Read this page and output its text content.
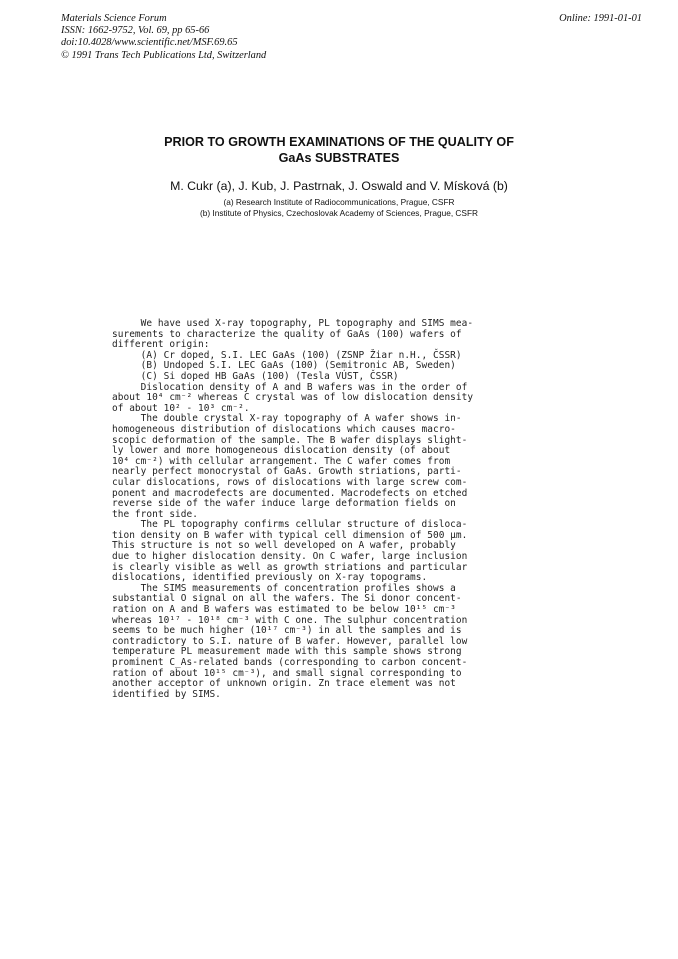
Materials Science Forum
ISSN: 1662-9752, Vol. 69, pp 65-66
doi:10.4028/www.scientific.net/MSF.69.65
© 1991 Trans Tech Publications Ltd, Switzerland
Online: 1991-01-01
PRIOR TO GROWTH EXAMINATIONS OF THE QUALITY OF
GaAs SUBSTRATES
M. Cukr (a), J. Kub, J. Pastrnak, J. Oswald and V. Mísková (b)
(a) Research Institute of Radiocommunications, Prague, CSFR
(b) Institute of Physics, Czechoslovak Academy of Sciences, Prague, CSFR
We have used X-ray topography, PL topography and SIMS mea-
surements to characterize the quality of GaAs (100) wafers of
different origin:
(A) Cr doped, S.I. LEC GaAs (100) (ZSNP Žiar n.H., ČSSR)
(B) Undoped S.I. LEC GaAs (100) (Semitronic AB, Sweden)
(C) Si doped HB GaAs (100) (Tesla VÚST, ČSSR)
Dislocation density of A and B wafers was in the order of
about 10⁴ cm⁻² whereas C crystal was of low dislocation density
of about 10² - 10³ cm⁻².
The double crystal X-ray topography of A wafer shows in-
homogeneous distribution of dislocations which causes macro-
scopic deformation of the sample. The B wafer displays slight-
ly lower and more homogeneous dislocation density (of about
10⁴ cm⁻²) with cellular arrangement. The C wafer comes from
nearly perfect monocrystal of GaAs. Growth striations, parti-
cular dislocations, rows of dislocations with large screw com-
ponent and macrodefects are documented. Macrodefects on etched
reverse side of the wafer induce large deformation fields on
the front side.
The PL topography confirms cellular structure of disloca-
tion density on B wafer with typical cell dimension of 500 µm.
This structure is not so well developed on A wafer, probably
due to higher dislocation density. On C wafer, large inclusion
is clearly visible as well as growth striations and particular
dislocations, identified previously on X-ray topograms.
The SIMS measurements of concentration profiles shows a
substantial O signal on all the wafers. The Si donor concent-
ration on A and B wafers was estimated to be below 10¹⁵ cm⁻³
whereas 10¹⁷ - 10¹⁸ cm⁻³ with C one. The sulphur concentration
seems to be much higher (10¹⁷ cm⁻³) in all the samples and is
contradictory to S.I. nature of B wafer. However, parallel low
temperature PL measurement made with this sample shows strong
prominent C_As-related bands (corresponding to carbon concent-
ration of about 10¹⁵ cm⁻³), and small signal corresponding to
another acceptor of unknown origin. Zn trace element was not
identified by SIMS.
